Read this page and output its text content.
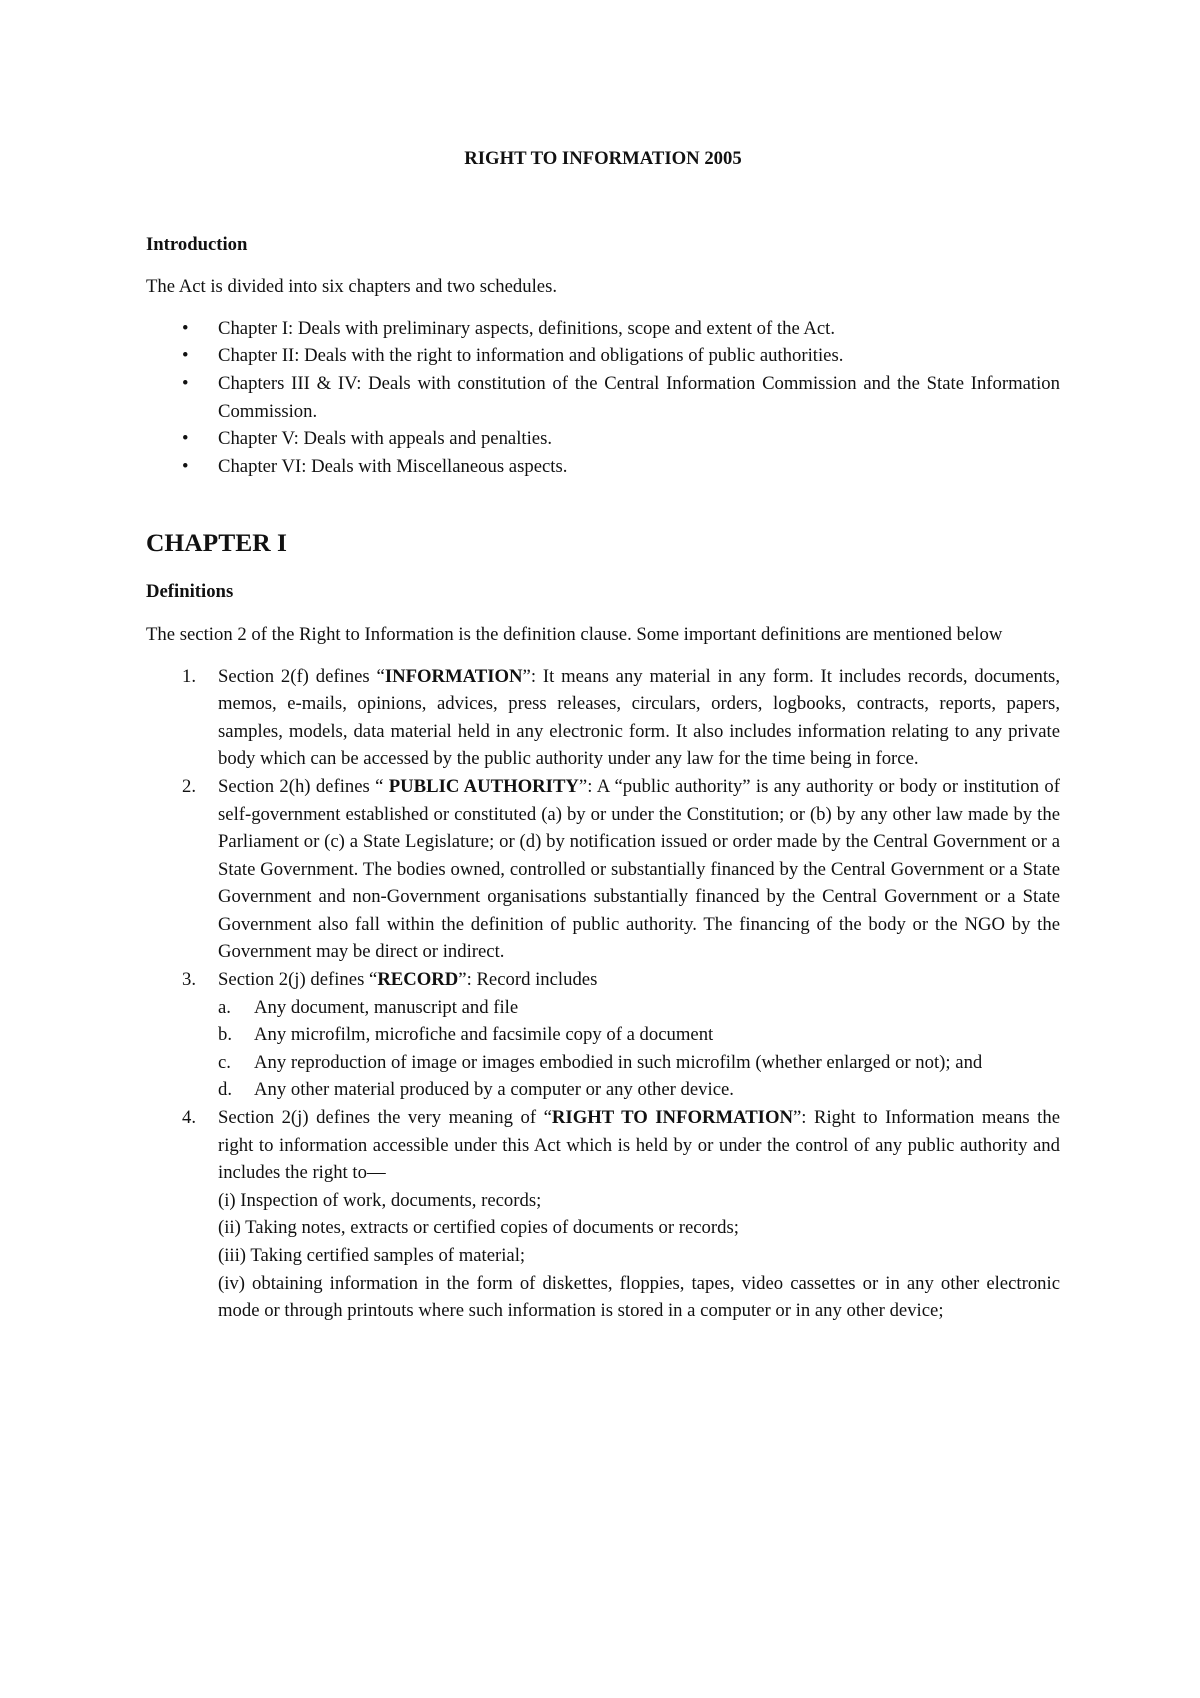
RIGHT TO INFORMATION 2005
Introduction

The Act is divided into six chapters and two schedules.

• Chapter I: Deals with preliminary aspects, definitions, scope and extent of the Act.
• Chapter II: Deals with the right to information and obligations of public authorities.
• Chapters III & IV: Deals with constitution of the Central Information Commission and the State Information Commission.
• Chapter V: Deals with appeals and penalties.
• Chapter VI: Deals with Miscellaneous aspects.
CHAPTER I
Definitions

The section 2 of the Right to Information is the definition clause. Some important definitions are mentioned below

1. Section 2(f) defines “INFORMATION”: It means any material in any form. It includes records, documents, memos, e-mails, opinions, advices, press releases, circulars, orders, logbooks, contracts, reports, papers, samples, models, data material held in any electronic form. It also includes information relating to any private body which can be accessed by the public authority under any law for the time being in force.
2. Section 2(h) defines “ PUBLIC AUTHORITY”: A “public authority” is any authority or body or institution of self-government established or constituted (a) by or under the Constitution; or (b) by any other law made by the Parliament or (c) a State Legislature; or (d) by notification issued or order made by the Central Government or a State Government. The bodies owned, controlled or substantially financed by the Central Government or a State Government and non-Government organisations substantially financed by the Central Government or a State Government also fall within the definition of public authority. The financing of the body or the NGO by the Government may be direct or indirect.
3. Section 2(j) defines “RECORD”: Record includes
a. Any document, manuscript and file
b. Any microfilm, microfiche and facsimile copy of a document
c. Any reproduction of image or images embodied in such microfilm (whether enlarged or not); and
d. Any other material produced by a computer or any other device.
4. Section 2(j) defines the very meaning of “RIGHT TO INFORMATION”: Right to Information means the right to information accessible under this Act which is held by or under the control of any public authority and includes the right to—
(i) Inspection of work, documents, records;
(ii) Taking notes, extracts or certified copies of documents or records;
(iii) Taking certified samples of material;
(iv) obtaining information in the form of diskettes, floppies, tapes, video cassettes or in any other electronic mode or through printouts where such information is stored in a computer or in any other device;
